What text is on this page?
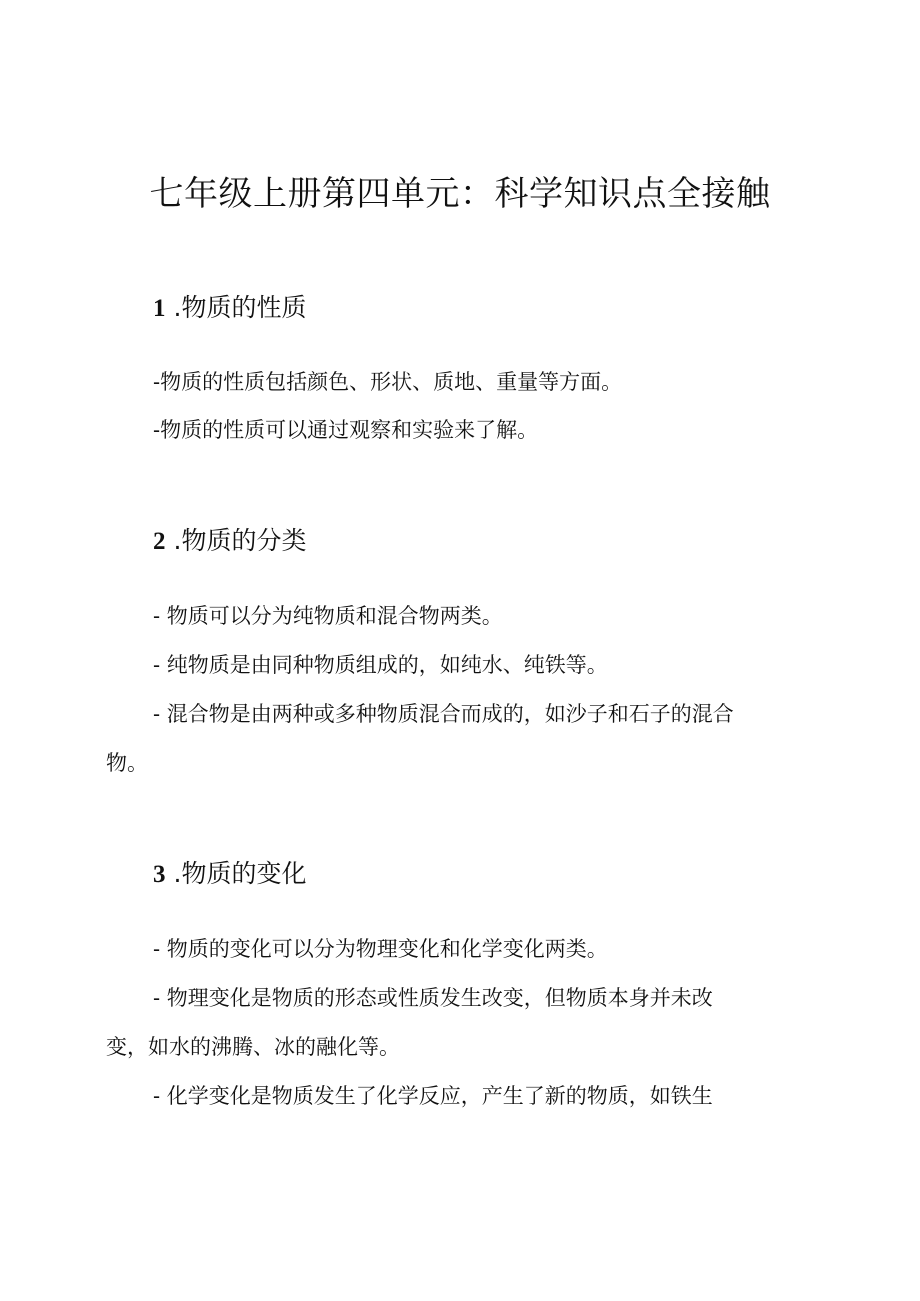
七年级上册第四单元：科学知识点全接触
1 .物质的性质

-物质的性质包括颜色、形状、质地、重量等方面。

-物质的性质可以通过观察和实验来了解。

2 .物质的分类

- 物质可以分为纯物质和混合物两类。

- 纯物质是由同种物质组成的，如纯水、纯铁等。

- 混合物是由两种或多种物质混合而成的，如沙子和石子的混合

物。

3 .物质的变化

- 物质的变化可以分为物理变化和化学变化两类。

- 物理变化是物质的形态或性质发生改变，但物质本身并未改

变，如水的沸腾、冰的融化等。

- 化学变化是物质发生了化学反应，产生了新的物质，如铁生
